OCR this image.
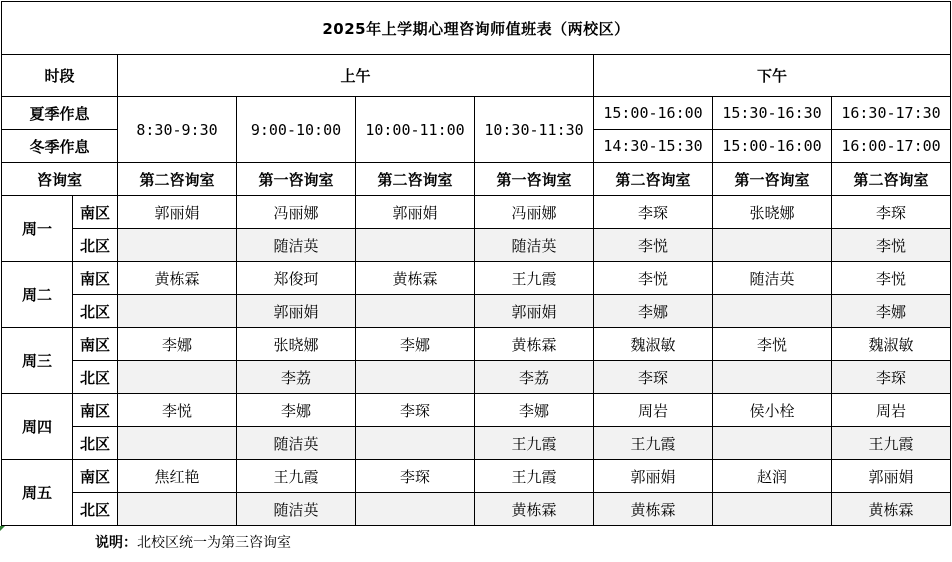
2025年上学期心理咨询师值班表（两校区）								
时段		上午				下午		
夏季作息		8:30-9:30	9:00-10:00	10:00-11:00	10:30-11:30	15:00-16:00	15:30-16:30	16:30-17:30
冬季作息						14:30-15:30	15:00-16:00	16:00-17:00
咨询室		第二咨询室	第一咨询室	第二咨询室	第一咨询室	第二咨询室	第一咨询室	第二咨询室
周一	南区	郭丽娟	冯丽娜	郭丽娟	冯丽娜	李琛	张晓娜	李琛
	北区		随洁英		随洁英	李悦		李悦
周二	南区	黄栋霖	郑俊珂	黄栋霖	王九霞	李悦	随洁英	李悦
	北区		郭丽娟		郭丽娟	李娜		李娜
周三	南区	李娜	张晓娜	李娜	黄栋霖	魏淑敏	李悦	魏淑敏
	北区		李荔		李荔	李琛		李琛
周四	南区	李悦	李娜	李琛	李娜	周岩	侯小栓	周岩
	北区		随洁英		王九霞	王九霞		王九霞
周五	南区	焦红艳	王九霞	李琛	王九霞	郭丽娟	赵润	郭丽娟
	北区		随洁英		黄栋霖	黄栋霖		黄栋霖
说明：北校区统一为第三咨询室
